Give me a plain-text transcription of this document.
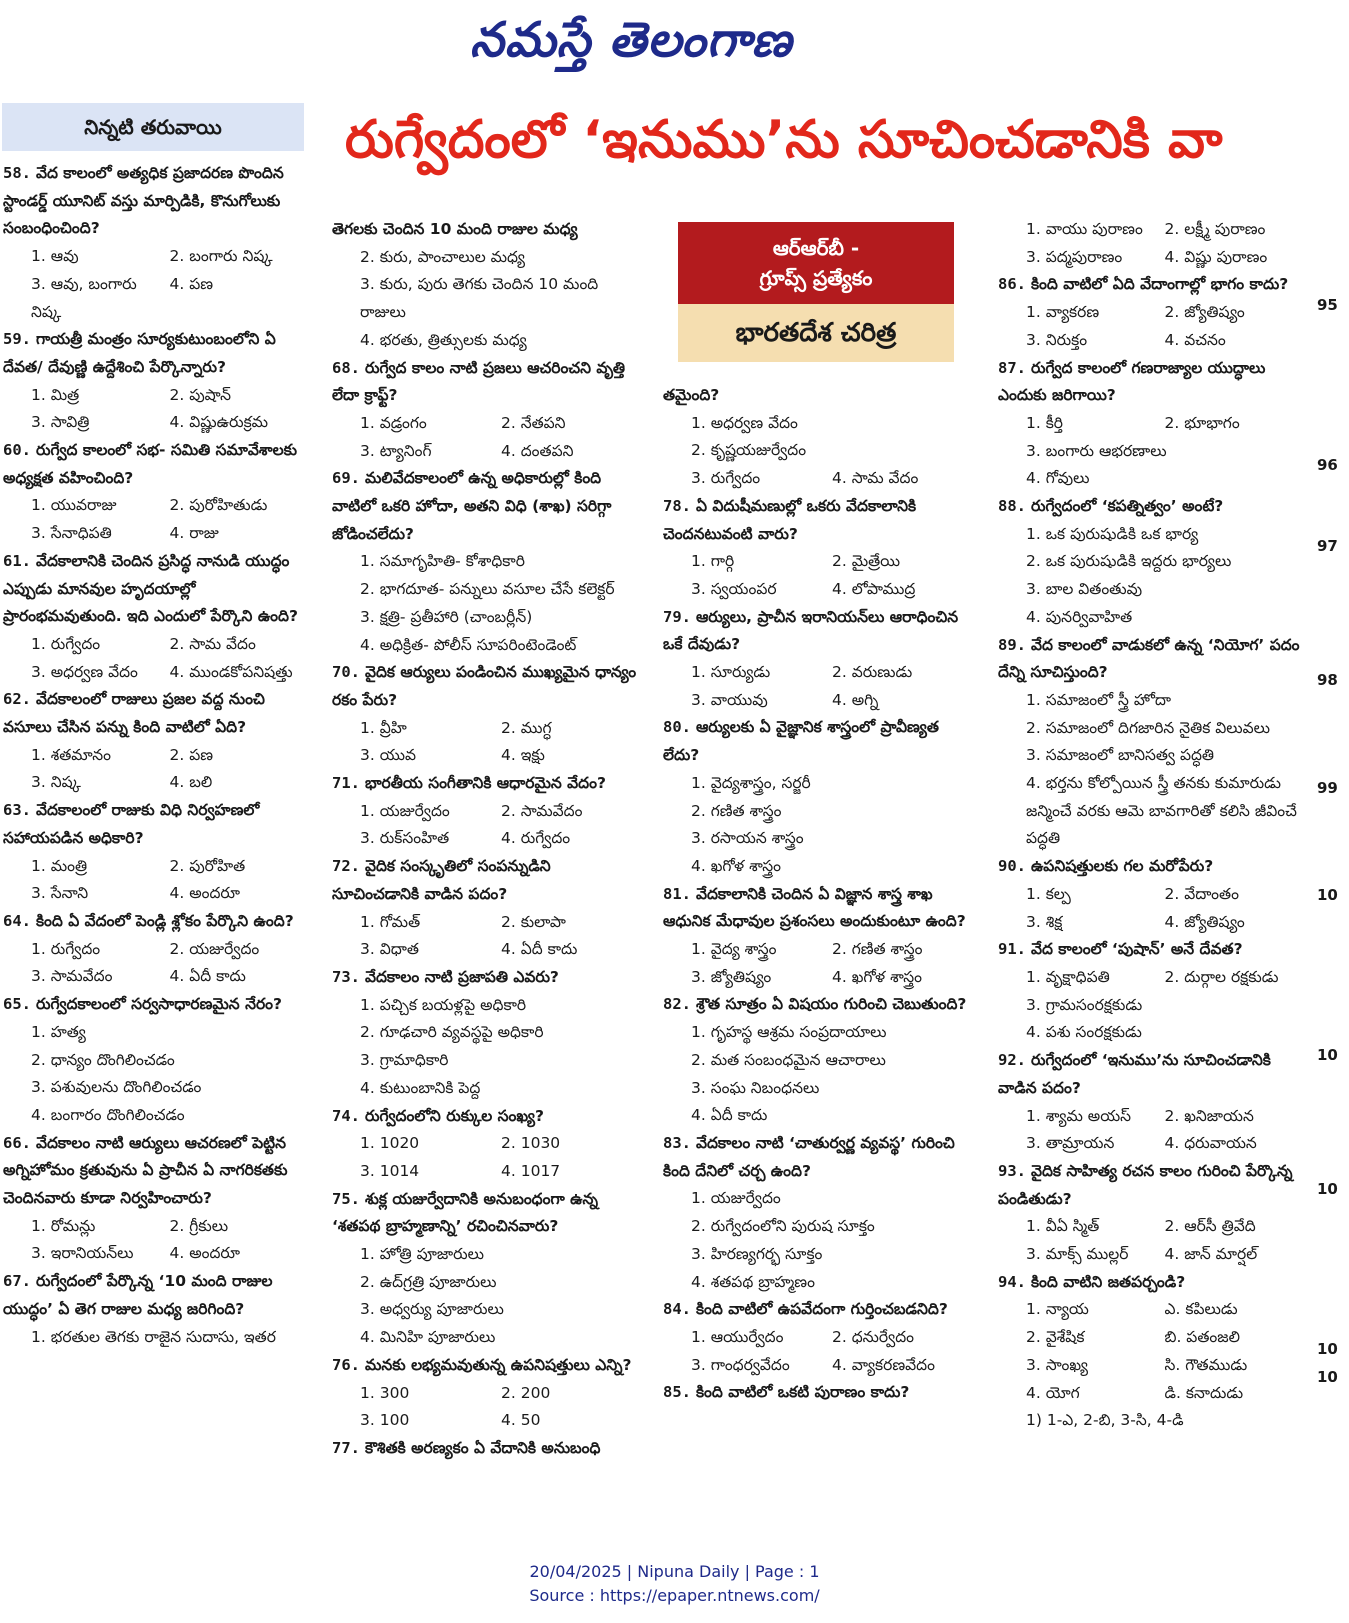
నమస్తే తెలంగాణ
నిన్నటి తరువాయి	రుగ్వేదంలో ‘ఇనుము’ను సూచించడానికి వా
58. వేద కాలంలో అత్యధిక ప్రజాదరణ పొందిన స్టాండర్డ్ యూనిట్ వస్తు మార్పిడికి, కొనుగోలుకు సంబంధించింది?
1. ఆవు	2. బంగారు నిష్క
3. ఆవు, బంగారు నిష్క
4. పణ
59. గాయత్రీ మంత్రం సూర్యకుటుంబంలోని ఏ దేవత/ దేవుణ్ణి ఉద్దేశించి పేర్కొన్నారు?
1. మిత్ర	2. పుషాన్
3. సావిత్రి	4. విష్ణుఉరుక్రమ
60. రుగ్వేద కాలంలో సభ- సమితి సమావేశాలకు అధ్యక్షత వహించింది?
1. యువరాజు	2. పురోహితుడు
3. సేనాధిపతి	4. రాజు
61. వేదకాలానికి చెందిన ప్రసిద్ధ నానుడి యుద్ధం ఎప్పుడు మానవుల హృదయాల్లో ప్రారంభమవుతుంది. ఇది ఎందులో పేర్కొని ఉంది?
1. రుగ్వేదం	2. సామ వేదం
3. అధర్వణ వేదం	4. ముండకోపనిషత్తు
62. వేదకాలంలో రాజులు ప్రజల వద్ద నుంచి వసూలు చేసిన పన్ను కింది వాటిలో ఏది?
1. శతమానం	2. పణ
3. నిష్క	4. బలి
63. వేదకాలంలో రాజుకు విధి నిర్వహణలో సహాయపడిన అధికారి?
1. మంత్రి	2. పురోహిత
3. సేనాని	4. అందరూ
64. కింది ఏ వేదంలో పెండ్లి శ్లోకం పేర్కొని ఉంది?
1. రుగ్వేదం	2. యజుర్వేదం
3. సామవేదం	4. ఏదీ కాదు
65. రుగ్వేదకాలంలో సర్వసాధారణమైన నేరం?
1. హత్య
2. ధాన్యం దొంగిలించడం
3. పశువులను దొంగిలించడం
4. బంగారం దొంగిలించడం
66. వేదకాలం నాటి ఆర్యులు ఆచరణలో పెట్టిన అగ్నిహోమం క్రతువును ఏ ప్రాచీన ఏ నాగరికతకు చెందినవారు కూడా నిర్వహించారు?
1. రోమన్లు	2. గ్రీకులు
3. ఇరానియన్‌లు	4. అందరూ
67. రుగ్వేదంలో పేర్కొన్న ‘10 మంది రాజుల యుద్ధం’ ఏ తెగ రాజుల మధ్య జరిగింది?
1. భరతుల తెగకు రాజైన సుదాసు, ఇతర
తెగలకు చెందిన 10 మంది రాజుల మధ్య
2. కురు, పాంచాలుల మధ్య
3. కురు, పురు తెగకు చెందిన 10 మంది రాజులు
4. భరతు, త్రిత్సులకు మధ్య
68. రుగ్వేద కాలం నాటి ప్రజలు ఆచరించని వృత్తి లేదా క్రాఫ్ట్?
1. వడ్రంగం	2. నేతపని
3. ట్యానింగ్	4. దంతపని
69. మలివేదకాలంలో ఉన్న అధికారుల్లో కింది వాటిలో ఒకరి హోదా, అతని విధి (శాఖ) సరిగ్గా జోడించలేదు?
1. సమాగృహితి- కోశాధికారి
2. భాగదూత- పన్నులు వసూల చేసే కలెక్టర్
3. క్షత్రి- ప్రతీహారి (చాంబర్లీన్)
4. అధిక్రిత- పోలీస్ సూపరింటెండెంట్
70. వైదిక ఆర్యులు పండించిన ముఖ్యమైన ధాన్యం రకం పేరు?
1. వ్రీహి	2. ముగ్ధ
3. యువ	4. ఇక్షు
71. భారతీయ సంగీతానికి ఆధారమైన వేదం?
1. యజుర్వేదం	2. సామవేదం
3. రుక్‌సంహిత	4. రుగ్వేదం
72. వైదిక సంస్కృతిలో సంపన్నుడిని సూచించడానికి వాడిన పదం?
1. గోమత్	2. కులాపా
3. విధాత	4. ఏదీ కాదు
73. వేదకాలం నాటి ప్రజాపతి ఎవరు?
1. పచ్చిక బయళ్లపై అధికారి
2. గూఢచారి వ్యవస్థపై అధికారి
3. గ్రామాధికారి
4. కుటుంబానికి పెద్ద
74. రుగ్వేదంలోని రుక్కుల సంఖ్య?
1. 1020	2. 1030
3. 1014	4. 1017
75. శుక్ల యజుర్వేదానికి అనుబంధంగా ఉన్న ‘శతపథ బ్రాహ్మణాన్ని’ రచించినవారు?
1. హోత్రి పూజారులు
2. ఉద్‌గ్రత్రి పూజారులు
3. అధ్వర్యు పూజారులు
4. మినిహి పూజారులు
76. మనకు లభ్యమవుతున్న ఉపనిషత్తులు ఎన్ని?
1. 300	2. 200
3. 100	4. 50
77. కౌశితకి అరణ్యకం ఏ వేదానికి అనుబంధి
తమైంది?
1. అధర్వణ వేదం
2. కృష్ణయజుర్వేదం
3. రుగ్వేదం	4. సామ వేదం
78. ఏ విదుషీమణుల్లో ఒకరు వేదకాలానికి చెందనటువంటి వారు?
1. గార్గి	2. మైత్రేయి
3. స్వయంపర	4. లోపాముద్ర
79. ఆర్యులు, ప్రాచీన ఇరానియన్‌లు ఆరాధించిన ఒకే దేవుడు?
1. సూర్యుడు	2. వరుణుడు
3. వాయువు	4. అగ్ని
80. ఆర్యులకు ఏ వైజ్ఞానిక శాస్త్రంలో ప్రావీణ్యత లేదు?
1. వైద్యశాస్త్రం, సర్జరీ
2. గణిత శాస్త్రం
3. రసాయన శాస్త్రం
4. ఖగోళ శాస్త్రం
81. వేదకాలానికి చెందిన ఏ విజ్ఞాన శాస్త్ర శాఖ ఆధునిక మేధావుల ప్రశంసలు అందుకుంటూ ఉంది?
1. వైద్య శాస్త్రం	2. గణిత శాస్త్రం
3. జ్యోతిష్యం	4. ఖగోళ శాస్త్రం
82. శ్రౌత సూత్రం ఏ విషయం గురించి చెబుతుంది?
1. గృహస్థ ఆశ్రమ సంప్రదాయాలు
2. మత సంబంధమైన ఆచారాలు
3. సంఘ నిబంధనలు
4. ఏదీ కాదు
83. వేదకాలం నాటి ‘చాతుర్వర్ణ వ్యవస్థ’ గురించి కింది దేనిలో చర్చ ఉంది?
1. యజుర్వేదం
2. రుగ్వేదంలోని పురుష సూక్తం
3. హిరణ్యగర్భ సూక్తం
4. శతపథ బ్రాహ్మణం
84. కింది వాటిలో ఉపవేదంగా గుర్తించబడనిది?
1. ఆయుర్వేదం	2. ధనుర్వేదం
3. గాంధర్వవేదం	4. వ్యాకరణవేదం
85. కింది వాటిలో ఒకటి పురాణం కాదు?
1. వాయు పురాణం	2. లక్ష్మీ పురాణం
3. పద్మపురాణం	4. విష్ణు పురాణం
86. కింది వాటిలో ఏది వేదాంగాల్లో భాగం కాదు?
1. వ్యాకరణ	2. జ్యోతిష్యం
3. నిరుక్తం	4. వచనం
87. రుగ్వేద కాలంలో గణరాజ్యాల యుద్ధాలు ఎందుకు జరిగాయి?
1. కీర్తి	2. భూభాగం
3. బంగారు ఆభరణాలు
4. గోవులు
88. రుగ్వేదంలో ‘కపత్నిత్వం’ అంటే?
1. ఒక పురుషుడికి ఒక భార్య
2. ఒక పురుషుడికి ఇద్దరు భార్యలు
3. బాల వితంతువు
4. పునర్వివాహిత
89. వేద కాలంలో వాడుకలో ఉన్న ‘నియోగ’ పదం దేన్ని సూచిస్తుంది?
1. సమాజంలో స్త్రీ హోదా
2. సమాజంలో దిగజారిన నైతిక విలువలు
3. సమాజంలో బానిసత్వ పద్ధతి
4. భర్తను కోల్పోయిన స్త్రీ తనకు కుమారుడు జన్మించే వరకు ఆమె బావగారితో కలిసి జీవించే పద్ధతి
90. ఉపనిషత్తులకు గల మరోపేరు?
1. కల్ప	2. వేదాంతం
3. శిక్ష	4. జ్యోతిష్యం
91. వేద కాలంలో ‘పుషాన్’ అనే దేవత?
1. వృక్షాధిపతి	2. దుర్గాల రక్షకుడు
3. గ్రామసంరక్షకుడు
4. పశు సంరక్షకుడు
92. రుగ్వేదంలో ‘ఇనుము’ను సూచించడానికి వాడిన పదం?
1. శ్యామ అయస్	2. ఖనిజాయన
3. తామ్రాయన	4. ధరువాయన
93. వైదిక సాహిత్య రచన కాలం గురించి పేర్కొన్న పండితుడు?
1. వీఏ స్మిత్	2. ఆర్‌సీ త్రివేది
3. మాక్స్ ముల్లర్	4. జాన్ మార్షల్
94. కింది వాటిని జతపర్చండి?
1. న్యాయ	ఎ. కపిలుడు
2. వైశేషిక	బి. పతంజలి
3. సాంఖ్య	సి. గౌతముడు
4. యోగ	డి. కనాదుడు
1) 1-ఎ, 2-బి, 3-సి, 4-డి
ఆర్‌ఆర్‌బీ -
గ్రూప్స్ ప్రత్యేకం
భారతదేశ చరిత్ర
95
96
97
98
99
10
10
10
10
10
20/04/2025 | Nipuna Daily | Page : 1
Source : https://epaper.ntnews.com/
